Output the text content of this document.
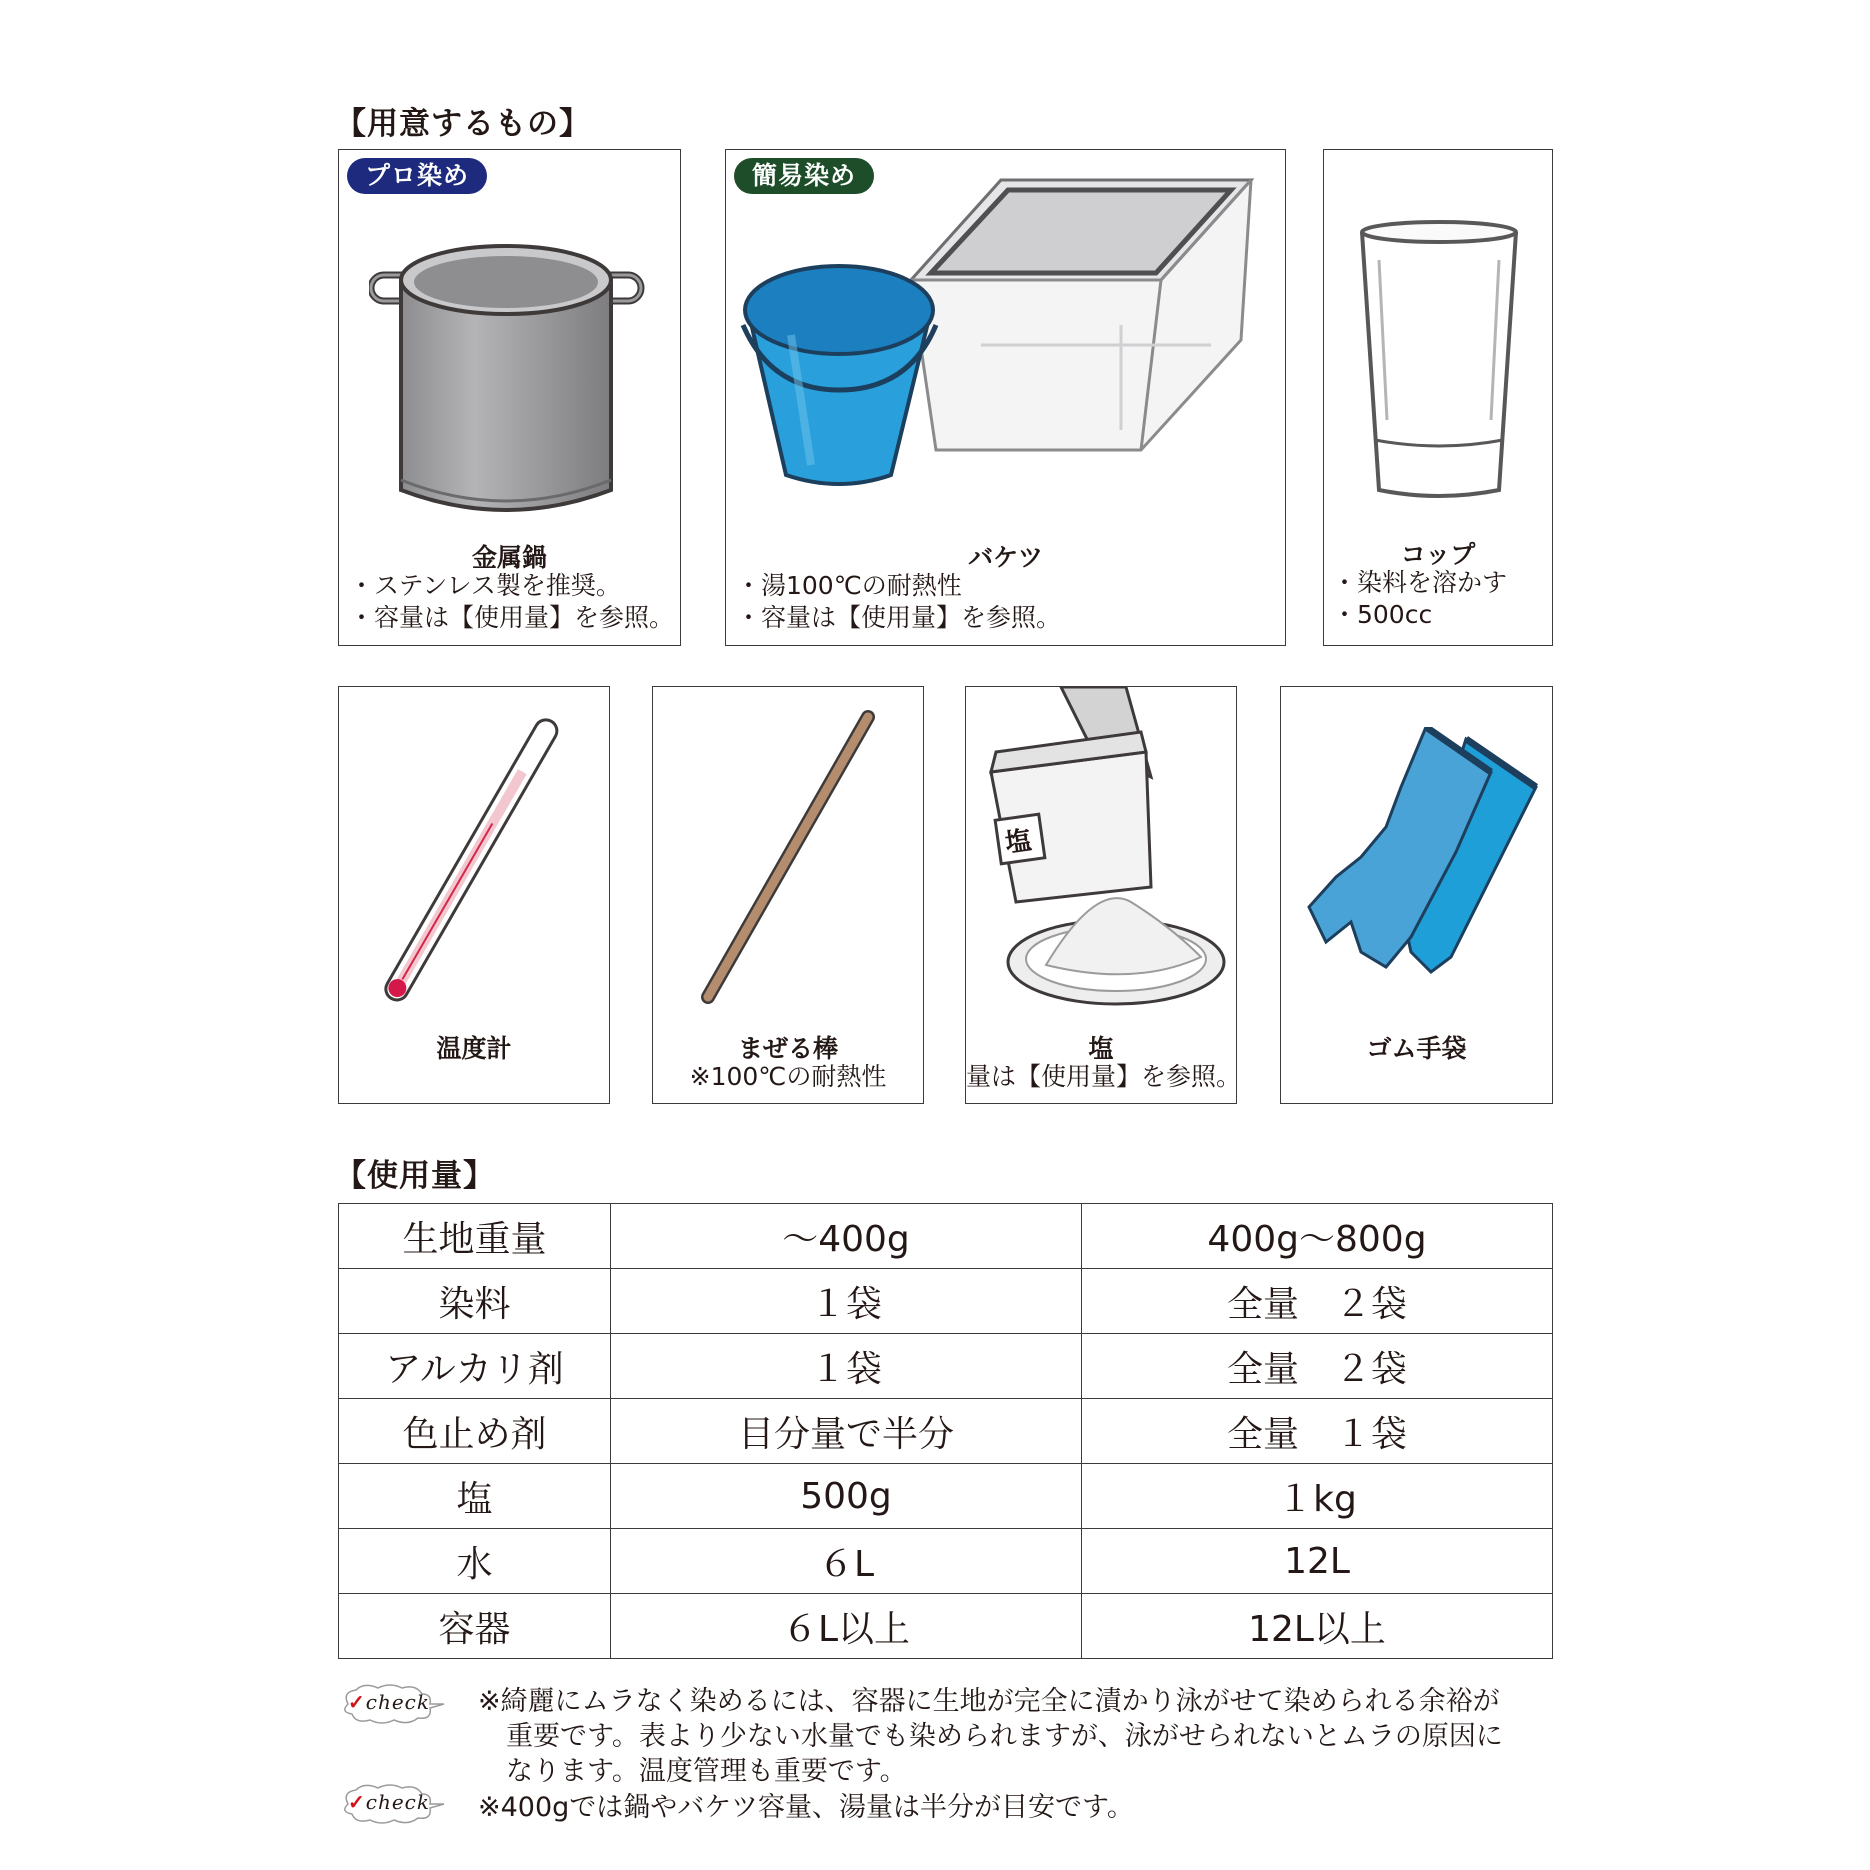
【用意するもの】
プロ染め
金属鍋
・ステンレス製を推奨。
・容量は【使用量】を参照。
簡易染め
バケツ
・湯100℃の耐熱性
・容量は【使用量】を参照。
コップ
・染料を溶かす
・500cc
温度計	まぜる棒
※100℃の耐熱性
塩
塩
量は【使用量】を参照。
ゴム手袋
【使用量】
生地重量	〜400g	400g〜800g
染料	１袋	全量　２袋
アルカリ剤	１袋	全量　２袋
色止め剤	目分量で半分	全量　１袋
塩	500g	１kg
水	６L	12L
容器	６L以上	12L以上
✓check ※綺麗にムラなく染めるには、容器に生地が完全に漬かり泳がせて染められる余裕が
重要です。表より少ない水量でも染められますが、泳がせられないとムラの原因に
なります。温度管理も重要です。
✓check ※400gでは鍋やバケツ容量、湯量は半分が目安です。
